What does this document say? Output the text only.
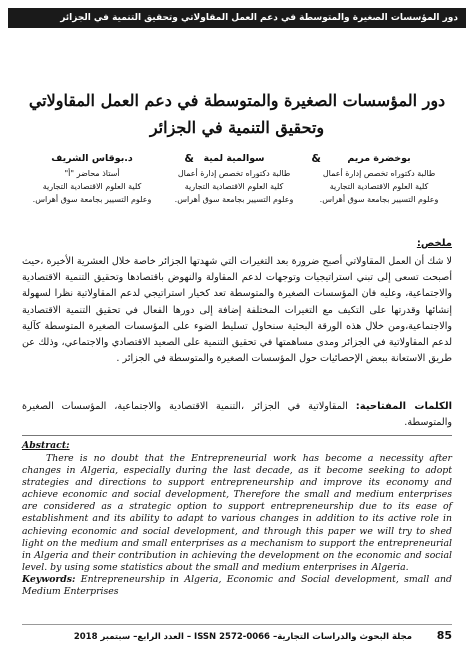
دور المؤسسات الصغيرة والمتوسطة في دعم العمل المقاولاتي وتحقيق التنمية في الجزائر
دور المؤسسات الصغيرة والمتوسطة في دعم العمل المقاولاتي
وتحقيق التنمية في الجزائر
بوخضرة مريم
طالبة دكتوراه تخصص إدارة أعمال
كلية العلوم الاقتصادية التجارية
وعلوم التسيير بجامعة سوق أهراس.
&
سوالمية لمية
طالبة دكتوراه تخصص إدارة أعمال
كلية العلوم الاقتصادية التجارية
وعلوم التسيير بجامعة سوق أهراس.
&
د.بوقاس الشريف
أستاذ محاضر "أ"
كلية العلوم الاقتصادية التجارية
وعلوم التسيير بجامعة سوق أهراس.
ملخص:
لا شك أن العمل المقاولاتي أصبح ضرورة بعد التغيرات التي شهدتها الجزائر خاصة خلال العشرية الأخيرة ،حيث أصبحت تسعى إلى تبني استراتيجيات وتوجهات لدعم المقاولة والنهوض باقتصادها وتحقيق التنمية الاقتصادية والاجتماعية، وعليه فان المؤسسات الصغيرة والمتوسطة تعد كخيار استراتيجي لدعم المقاولاتية نظرا لسهولة إنشائها وقدرتها على التكيف مع التغيرات المختلفة إضافة إلى دورها الفعال في تحقيق التنمية الاقتصادية والاجتماعية،ومن خلال هذه الورقة البحثية سنحاول تسليط الضوء على المؤسسات الصغيرة المتوسطة كآلية لدعم المقاولاتية في الجزائر ومدى مساهمتها في تحقيق التنمية على الصعيد الاقتصادي والاجتماعي، وذلك عن طريق الاستعانة ببعض الإحصائيات حول المؤسسات الصغيرة والمتوسطة في الجزائر .
الكلمات المفتاحية: المقاولاتية في الجزائر ،التنمية الاقتصادية والاجتماعية، المؤسسات الصغيرة والمتوسطة.
Abstract:
There is no doubt that the Entrepreneurial work has become a necessity after changes in Algeria, especially during the last decade, as it become seeking to adopt strategies and directions to support entrepreneurship and improve its economy and achieve economic and social development, Therefore the small and medium enterprises are considered as a strategic option to support entrepreneurship due to its ease of establishment and its ability to adapt to various changes in addition to its active role in achieving economic and social development, and through this paper we will try to shed light on the medium and small enterprises as a mechanism to support the entrepreneurial in Algeria and their contribution in achieving the development on the economic and social level. by using some statistics about the small and medium enterprises in Algeria.
Keywords: Entrepreneurship in Algeria, Economic and Social development, small and Medium Enterprises
مجلة البحوث والدراسات التجارية– ISSN 2572-0066 – العدد الرابع– سبتمبر 2018	85
